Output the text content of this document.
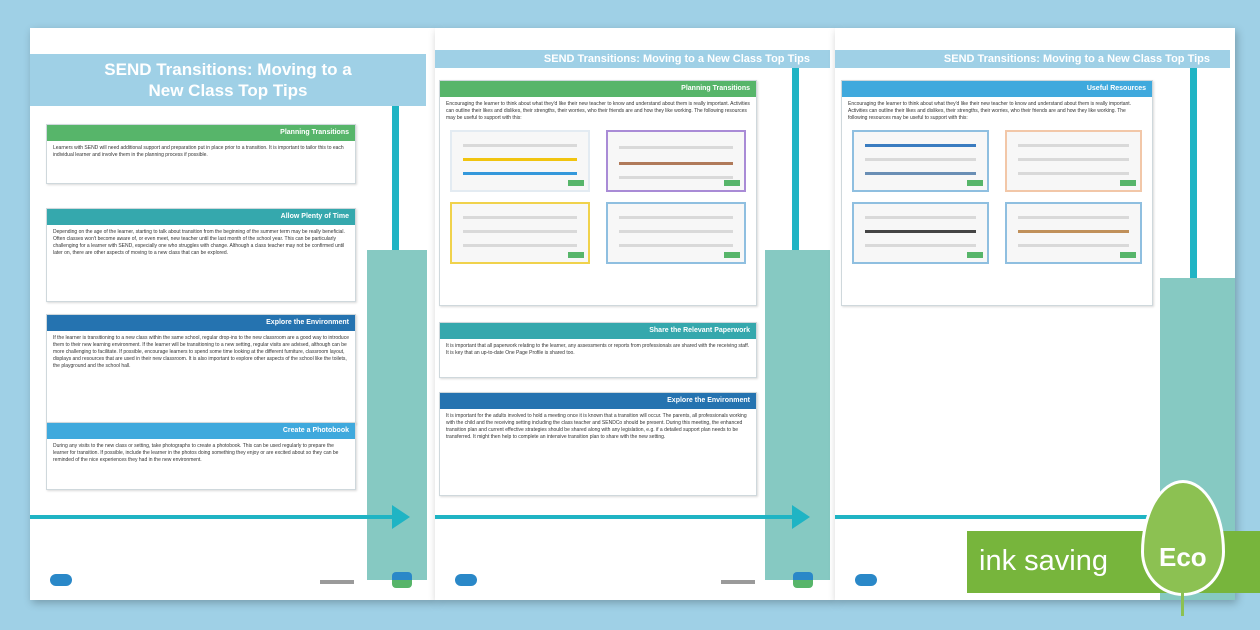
SEND Transitions: Moving to a New Class Top Tips
Planning Transitions
Learners with SEND will need additional support and preparation put in place prior to a transition. It is important to tailor this to each individual learner and involve them in the planning process if possible.
Allow Plenty of Time
Depending on the age of the learner, starting to talk about transition from the beginning of the summer term may be really beneficial. Often classes won't become aware of, or even meet, new teacher until the last month of the school year. This can be particularly challenging for a learner with SEND, especially one who struggles with change. Although a class teacher may not be confirmed until later on, there are other aspects of moving to a new class that can be explored.
Explore the Environment
If the learner is transitioning to a new class within the same school, regular drop-ins to the new classroom are a good way to introduce them to their new learning environment. If the learner will be transitioning to a new setting, regular visits are advised, although can be more challenging to facilitate. If possible, encourage learners to spend some time looking at the different furniture, classroom layout, displays and resources that are used in their new classroom. It is also important to explore other aspects of the school like the toilets, the playground and the school hall.
Create a Photobook
During any visits to the new class or setting, take photographs to create a photobook. This can be used regularly to prepare the learner for transition. If possible, include the learner in the photos doing something they enjoy or are excited about so they can be reminded of the nice experiences they had in the new environment.
SEND Transitions: Moving to a New Class Top Tips
Planning Transitions
Encouraging the learner to think about what they'd like their new teacher to know and understand about them is really important. Activities can outline their likes and dislikes, their strengths, their worries, who their friends are and how they like working. The following resources may be useful to support with this:
Share the Relevant Paperwork
It is important that all paperwork relating to the learner, any assessments or reports from professionals are shared with the receiving staff. It is key that an up-to-date One Page Profile is shared too.
Explore the Environment
It is important for the adults involved to hold a meeting once it is known that a transition will occur. The parents, all professionals working with the child and the receiving setting including the class teacher and SENDCo should be present. During this meeting, the enhanced transition plan and current effective strategies should be shared along with any legislation, e.g. if a detailed support plan needs to be transferred. It might then help to complete an intensive transition plan to share with the new setting.
SEND Transitions: Moving to a New Class Top Tips
Useful Resources
Encouraging the learner to think about what they'd like their new teacher to know and understand about them is really important. Activities can outline their likes and dislikes, their strengths, their worries, who their friends are and how they like working. The following resources may be useful to support with this:
ink saving Eco
